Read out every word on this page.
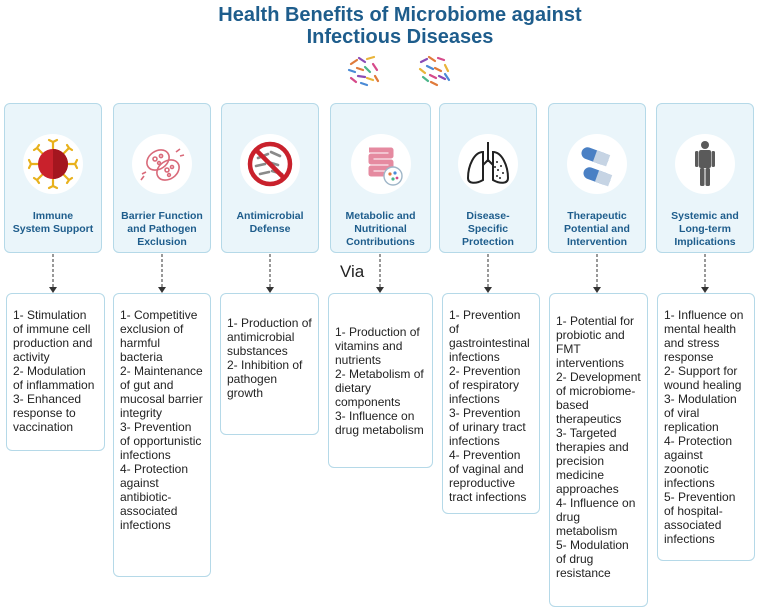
Health Benefits of Microbiome against
Infectious Diseases
Immune
System Support
Barrier Function
and Pathogen
Exclusion
Antimicrobial
Defense
Metabolic and
Nutritional
Contributions
Disease-
Specific
Protection
Therapeutic
Potential and
Intervention
Systemic and
Long-term
Implications
Via
1- Stimulation of immune cell production and activity
2- Modulation of inflammation
3- Enhanced response to vaccination
1- Competitive exclusion of harmful bacteria
2- Maintenance of gut and mucosal barrier integrity
3- Prevention of opportunistic infections
4- Protection against antibiotic-associated infections
1- Production of antimicrobial substances
2- Inhibition of pathogen growth
1- Production of vitamins and nutrients
2- Metabolism of dietary components
3- Influence on drug metabolism
1- Prevention of gastrointestinal infections
2- Prevention of respiratory infections
3- Prevention of urinary tract infections
4- Prevention of vaginal and reproductive tract infections
1- Potential for probiotic and FMT interventions
2- Development of microbiome-based therapeutics
3- Targeted therapies and precision medicine approaches
4- Influence on drug metabolism
5- Modulation of drug resistance
1- Influence on mental health and stress response
2- Support for wound healing
3- Modulation of viral replication
4- Protection against zoonotic infections
5- Prevention of hospital-associated infections
